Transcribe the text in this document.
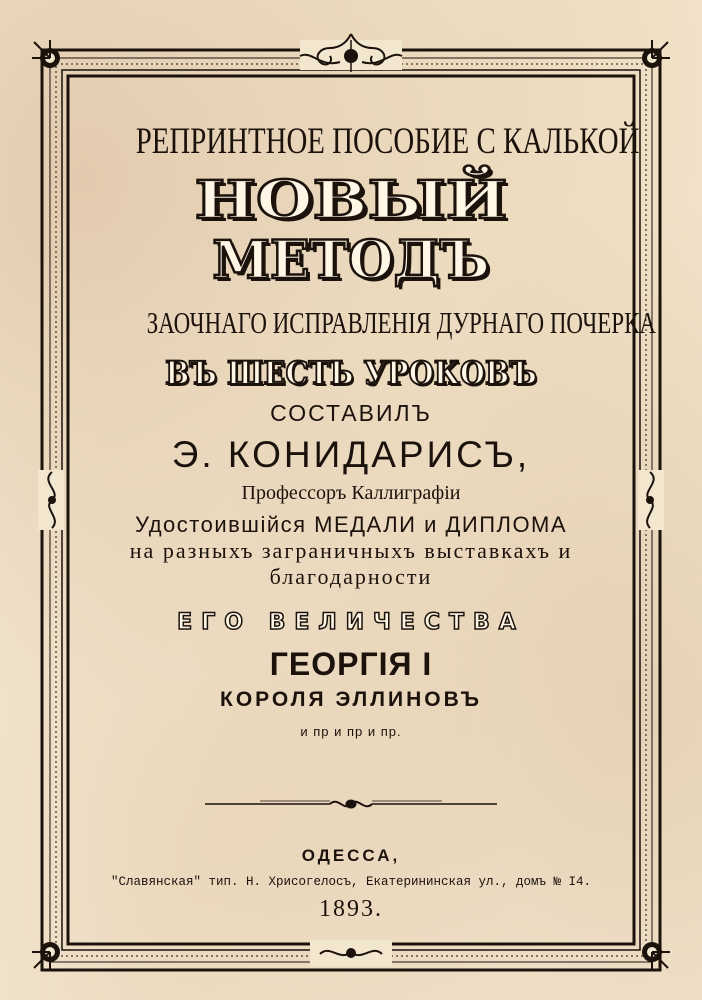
РЕПРИНТНОЕ ПОСОБИЕ С КАЛЬКОЙ
НОВЫЙ
МЕТОДЪ
ЗАОЧНАГО ИСПРАВЛЕНІЯ ДУРНАГО ПОЧЕРКА
ВЪ ШЕСТЬ УРОКОВЪ
СОСТАВИЛЪ
Э. КОНИДАРИСЪ,
Профессоръ Каллиграфіи
Удостоившійся МЕДАЛИ и ДИПЛОМА
на разныхъ заграничныхъ выставкахъ и
благодарности
ЕГО ВЕЛИЧЕСТВА
ГЕОРГІЯ I
КОРОЛЯ ЭЛЛИНОВЪ
и пр и пр и пр.
ОДЕССА,
"Славянская" тип. Н. Хрисогелосъ, Екатерининская ул., домъ № I4.
1893.
